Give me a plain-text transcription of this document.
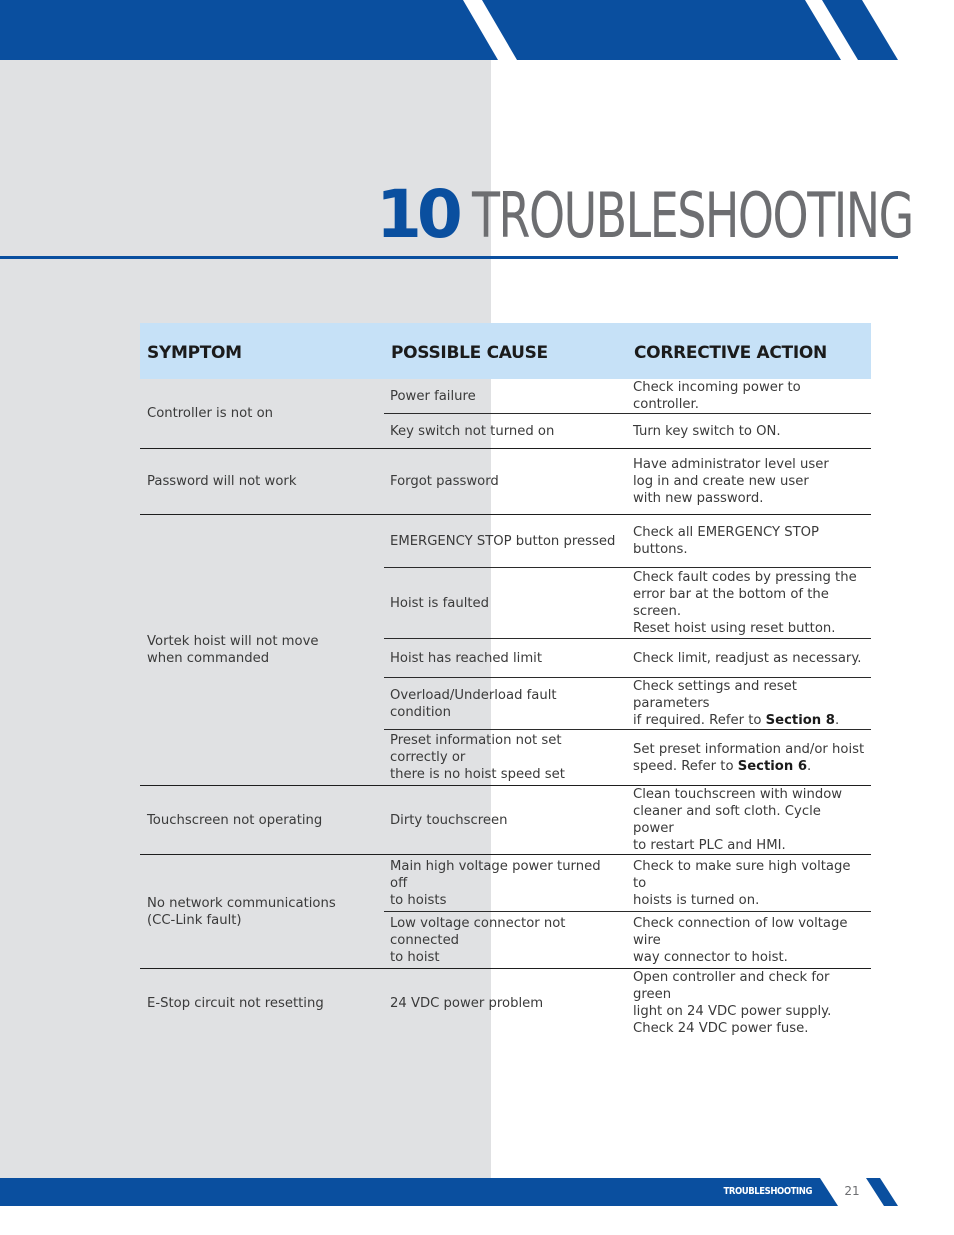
10 TROUBLESHOOTING
SYMPTOM	POSSIBLE CAUSE	CORRECTIVE ACTION
Controller is not on	Power failure	Check incoming power to controller.
	Key switch not turned on	Turn key switch to ON.
Password will not work	Forgot password	Have administrator level user
log in and create new user
with new password.
Vortek hoist will not move
when commanded	EMERGENCY STOP button pressed	Check all EMERGENCY STOP
buttons.
	Hoist is faulted	Check fault codes by pressing the
error bar at the bottom of the screen.
Reset hoist using reset button.
	Hoist has reached limit	Check limit, readjust as necessary.
	Overload/Underload fault condition	Check settings and reset parameters
if required. Refer to Section 8.
	Preset information not set correctly or
there is no hoist speed set	Set preset information and/or hoist
speed. Refer to Section 6.
Touchscreen not operating	Dirty touchscreen	Clean touchscreen with window
cleaner and soft cloth. Cycle power
to restart PLC and HMI.
No network communications
(CC-Link fault)	Main high voltage power turned off
to hoists	Check to make sure high voltage to
hoists is turned on.
	Low voltage connector not connected
to hoist	Check connection of low voltage wire
way connector to hoist.
E-Stop circuit not resetting	24 VDC power problem	Open controller and check for green
light on 24 VDC power supply.
Check 24 VDC power fuse.
TROUBLESHOOTING	21
